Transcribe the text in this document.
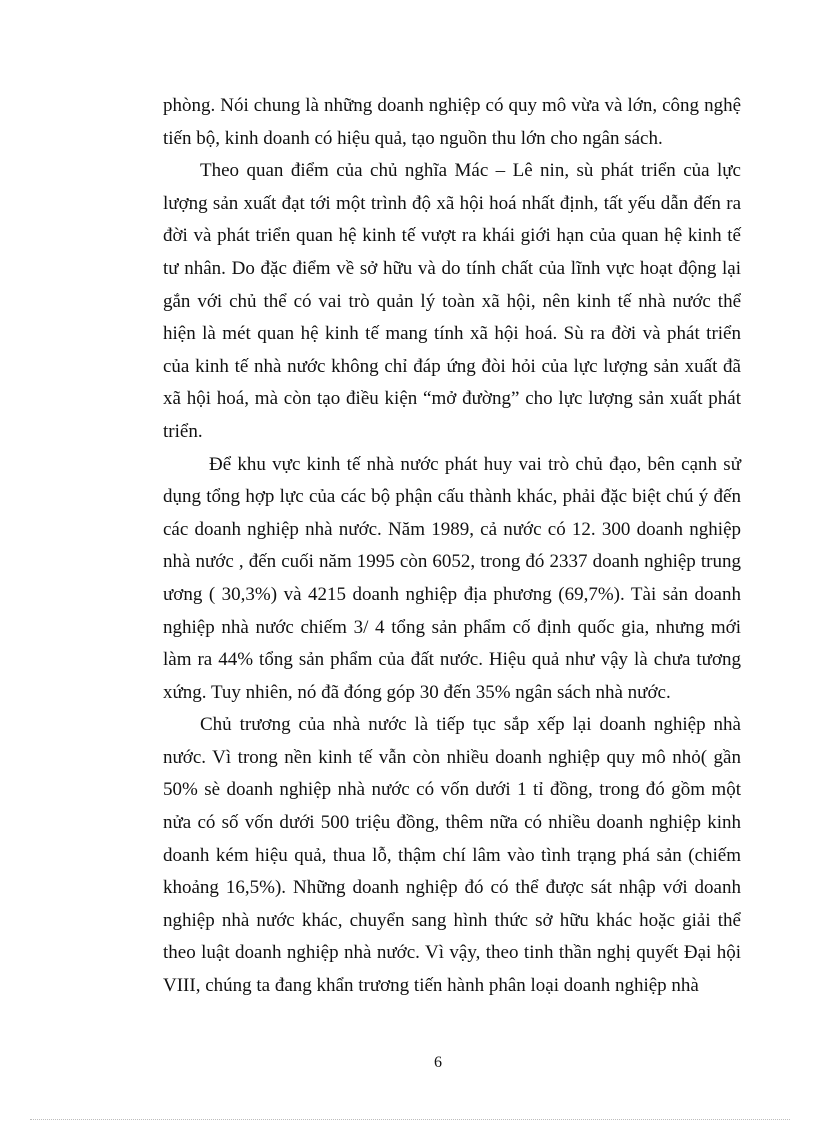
phòng. Nói chung là những doanh nghiệp có quy mô vừa và lớn, công nghệ tiến bộ, kinh doanh có hiệu quả, tạo nguồn thu lớn cho ngân sách.

Theo quan điểm của chủ nghĩa Mác – Lê nin, sù phát triển của lực lượng sản xuất đạt tới một trình độ xã hội hoá nhất định, tất yếu dẫn đến ra đời và phát triển quan hệ kinh tế vượt ra khái giới hạn của quan hệ kinh tế tư nhân. Do đặc điểm về sở hữu và do tính chất của lĩnh vực hoạt động lại gắn với chủ thể có vai trò quản lý toàn xã hội, nên kinh tế nhà nước thể hiện là mét quan hệ kinh tế mang tính xã hội hoá. Sù ra đời và phát triển của kinh tế nhà nước không chỉ đáp ứng đòi hỏi của lực lượng sản xuất đã xã hội hoá, mà còn tạo điều kiện “mở đường” cho lực lượng sản xuất phát triển.

Để khu vực kinh tế nhà nước phát huy vai trò chủ đạo, bên cạnh sử dụng tổng hợp lực của các bộ phận cấu thành khác, phải đặc biệt chú ý đến các doanh nghiệp nhà nước. Năm 1989, cả nước có 12. 300 doanh nghiệp nhà nước , đến cuối năm 1995 còn 6052, trong đó 2337 doanh nghiệp trung ương ( 30,3%) và 4215 doanh nghiệp địa phương (69,7%). Tài sản doanh nghiệp nhà nước chiếm 3/ 4 tổng sản phẩm cố định quốc gia, nhưng mới làm ra 44% tổng sản phẩm của đất nước. Hiệu quả như vậy là chưa tương xứng. Tuy nhiên, nó đã đóng góp 30 đến 35% ngân sách nhà nước.

Chủ trương của nhà nước là tiếp tục sắp xếp lại doanh nghiệp nhà nước. Vì trong nền kinh tế vẫn còn nhiều doanh nghiệp quy mô nhỏ( gần 50% sè doanh nghiệp nhà nước có vốn dưới 1 tỉ đồng, trong đó gồm một nửa có số vốn dưới 500 triệu đồng, thêm nữa có nhiều doanh nghiệp kinh doanh kém hiệu quả, thua lỗ, thậm chí lâm vào tình trạng phá sản (chiếm khoảng 16,5%). Những doanh nghiệp đó có thể được sát nhập với doanh nghiệp nhà nước khác, chuyển sang hình thức sở hữu khác hoặc giải thể theo luật doanh nghiệp nhà nước. Vì vậy, theo tinh thần nghị quyết Đại hội VIII, chúng ta đang khẩn trương tiến hành phân loại doanh nghiệp nhà

6
